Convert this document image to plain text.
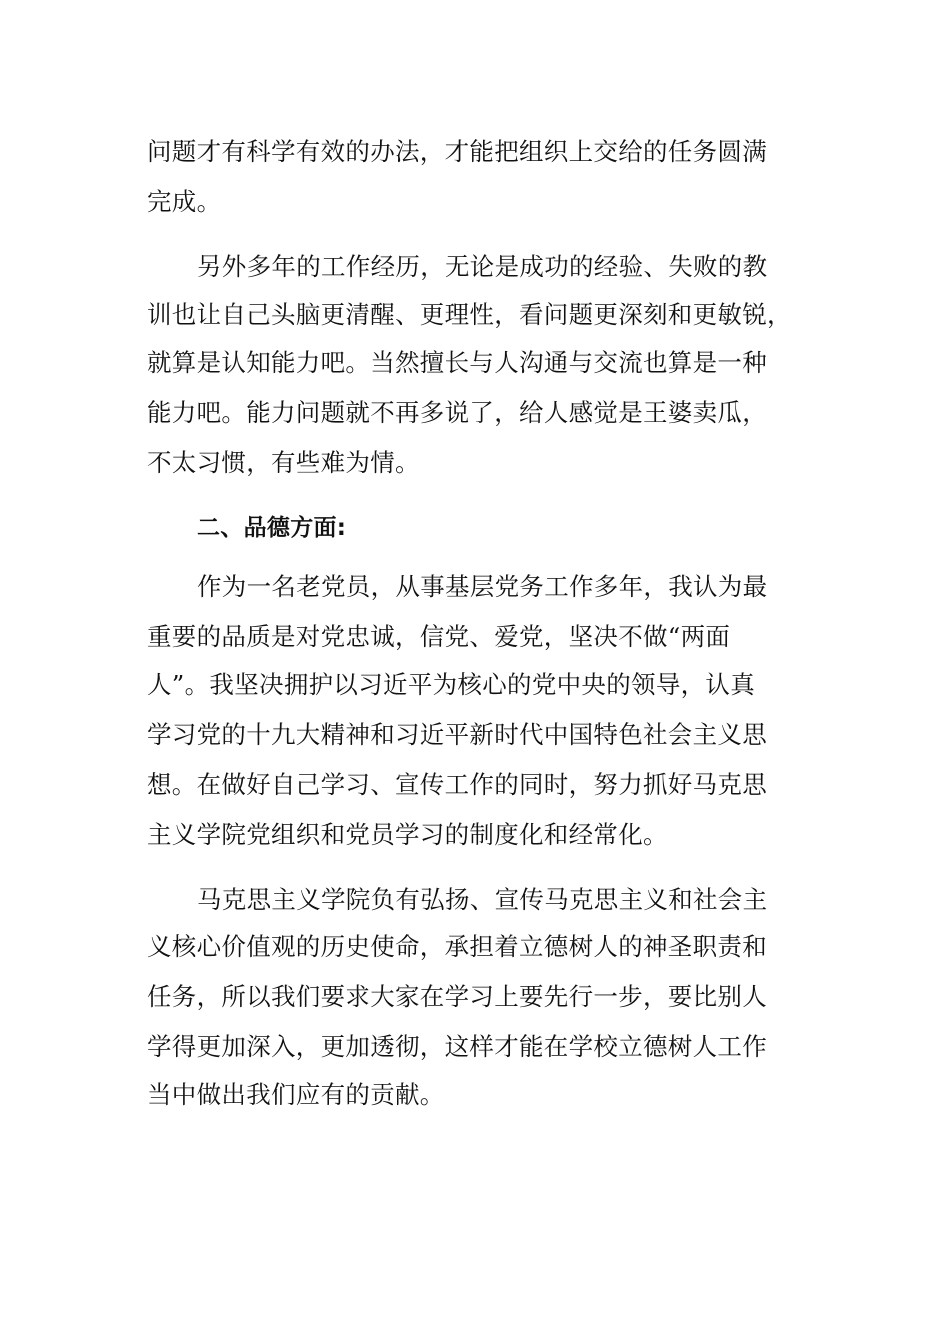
问题才有科学有效的办法，才能把组织上交给的任务圆满
完成。
另外多年的工作经历，无论是成功的经验、失败的教
训也让自己头脑更清醒、更理性，看问题更深刻和更敏锐，
就算是认知能力吧。当然擅长与人沟通与交流也算是一种
能力吧。能力问题就不再多说了，给人感觉是王婆卖瓜，
不太习惯，有些难为情。
二、品德方面:
作为一名老党员，从事基层党务工作多年，我认为最
重要的品质是对党忠诚，信党、爱党，坚决不做“两面
人”。我坚决拥护以习近平为核心的党中央的领导，认真
学习党的十九大精神和习近平新时代中国特色社会主义思
想。在做好自己学习、宣传工作的同时，努力抓好马克思
主义学院党组织和党员学习的制度化和经常化。
马克思主义学院负有弘扬、宣传马克思主义和社会主
义核心价值观的历史使命，承担着立德树人的神圣职责和
任务，所以我们要求大家在学习上要先行一步，要比别人
学得更加深入，更加透彻，这样才能在学校立德树人工作
当中做出我们应有的贡献。
